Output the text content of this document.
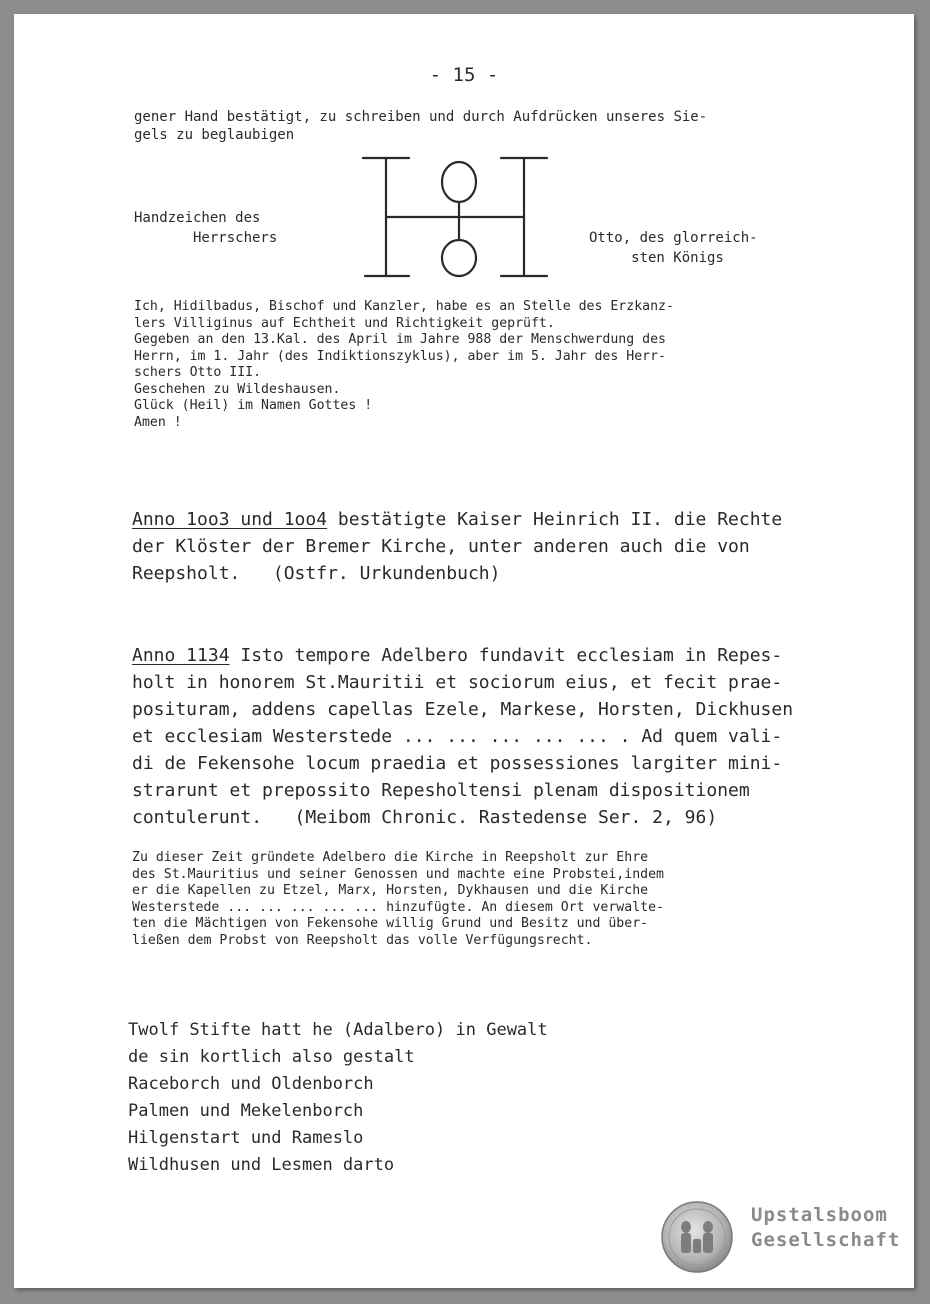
- 15 -
gener Hand bestätigt, zu schreiben und durch Aufdrücken unseres Sie-
gels zu beglaubigen
Handzeichen des
Herrschers	Otto, des glorreich-
sten Königs
Ich, Hidilbadus, Bischof und Kanzler, habe es an Stelle des Erzkanz-
lers Villiginus auf Echtheit und Richtigkeit geprüft.
Gegeben an den 13.Kal. des April im Jahre 988 der Menschwerdung des
Herrn, im 1. Jahr (des Indiktionszyklus), aber im 5. Jahr des Herr-
schers Otto III.
Geschehen zu Wildeshausen.
Glück (Heil) im Namen Gottes !
Amen !
Anno 1oo3 und 1oo4 bestätigte Kaiser Heinrich II. die Rechte
der Klöster der Bremer Kirche, unter anderen auch die von
Reepsholt.   (Ostfr. Urkundenbuch)
Anno 1134 Isto tempore Adelbero fundavit ecclesiam in Repes-
holt in honorem St.Mauritii et sociorum eius, et fecit prae-
posituram, addens capellas Ezele, Markese, Horsten, Dickhusen
et ecclesiam Westerstede ... ... ... ... ... . Ad quem vali-
di de Fekensohe locum praedia et possessiones largiter mini-
strarunt et prepossito Repesholtensi plenam dispositionem
contulerunt.   (Meibom Chronic. Rastedense Ser. 2, 96)
Zu dieser Zeit gründete Adelbero die Kirche in Reepsholt zur Ehre
des St.Mauritius und seiner Genossen und machte eine Probstei,indem
er die Kapellen zu Etzel, Marx, Horsten, Dykhausen und die Kirche
Westerstede ... ... ... ... ... hinzufügte. An diesem Ort verwalte-
ten die Mächtigen von Fekensohe willig Grund und Besitz und über-
ließen dem Probst von Reepsholt das volle Verfügungsrecht.
Twolf Stifte hatt he (Adalbero) in Gewalt
de sin kortlich also gestalt
Raceborch und Oldenborch
Palmen und Mekelenborch
Hilgenstart und Rameslo
Wildhusen und Lesmen darto
Upstalsboom
Gesellschaft
